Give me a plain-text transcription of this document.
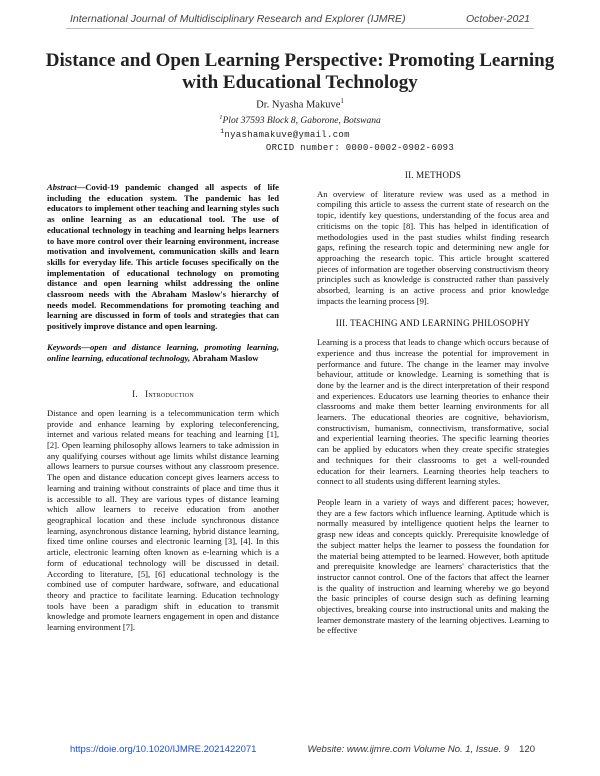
International Journal of Multidisciplinary Research and Explorer (IJMRE)	October-2021
Distance and Open Learning Perspective: Promoting Learning with Educational Technology
Dr. Nyasha Makuve$^1$
$^1$Plot 37593 Block 8, Gaborone, Botswana
$^1$nyashamakuve@ymail.com
ORCID number: 0000-0002-0902-6093

Abstract—Covid-19 pandemic changed all aspects of life including the education system. The pandemic has led educators to implement other teaching and learning styles such as online learning as an educational tool. The use of educational technology in teaching and learning helps learners to have more control over their learning environment, increase motivation and involvement, communication skills and learn skills for everyday life. This article focuses specifically on the implementation of educational technology on promoting distance and open learning whilst addressing the online classroom needs with the Abraham Maslow's hierarchy of needs model. Recommendations for promoting teaching and learning are discussed in form of tools and strategies that can positively improve distance and open learning.

Keywords—open and distance learning, promoting learning, online learning, educational technology, Abraham Maslow

I. Introduction

Distance and open learning is a telecommunication term which provide and enhance learning by exploring teleconferencing, internet and various related means for teaching and learning [1], [2]. Open learning philosophy allows learners to take admission in any qualifying courses without age limits whilst distance learning allows learners to pursue courses without any classroom presence. The open and distance education concept gives learners access to learning and training without constraints of place and time thus it is accessible to all. They are various types of distance learning which allow learners to receive education from another geographical location and these include synchronous distance learning, asynchronous distance learning, hybrid distance learning, fixed time online courses and electronic learning [3], [4]. In this article, electronic learning often known as e-learning which is a form of educational technology will be discussed in detail. According to literature, [5], [6] educational technology is the combined use of computer hardware, software, and educational theory and practice to facilitate learning. Education technology tools have been a paradigm shift in education to transmit knowledge and promote learners engagement in open and distance learning environment [7].

II. METHODS

An overview of literature review was used as a method in compiling this article to assess the current state of research on the topic, identify key questions, understanding of the focus area and criticisms on the topic [8]. This has helped in identification of methodologies used in the past studies whilst finding research gaps, refining the research topic and determining new angle for approaching the research topic. This article brought scattered pieces of information are together observing constructivism theory principles such as knowledge is constructed rather than passively absorbed, learning is an active process and prior knowledge impacts the learning process [9].

III. TEACHING AND LEARNING PHILOSOPHY

Learning is a process that leads to change which occurs because of experience and thus increase the potential for improvement in performance and future. The change in the learner may involve behaviour, attitude or knowledge. Learning is something that is done by the learner and is the direct interpretation of their respond and experiences. Educators use learning theories to enhance their classrooms and make them better learning environments for all learners. The educational theories are cognitive, behaviorism, constructivism, humanism, connectivism, transformative, social and experiential learning theories. The specific learning theories can be applied by educators when they create specific strategies and techniques for their classrooms to get a well-rounded education for their learners. Learning theories help teachers to connect to all students using different learning styles.

People learn in a variety of ways and different paces; however, they are a few factors which influence learning. Aptitude which is normally measured by intelligence quotient helps the learner to grasp new ideas and concepts quickly. Prerequisite knowledge of the subject matter helps the learner to possess the foundation for the material being attempted to be learned. However, both aptitude and prerequisite knowledge are learners' characteristics that the instructor cannot control. One of the factors that affect the learner is the quality of instruction and learning whereby we go beyond the basic principles of course design such as defining learning objectives, breaking course into instructional units and making the learner demonstrate mastery of the learning objectives. Learning to be effective

https://doie.org/10.1020/IJMRE.2021422071	Website: www.ijmre.com Volume No. 1, Issue. 9 120
